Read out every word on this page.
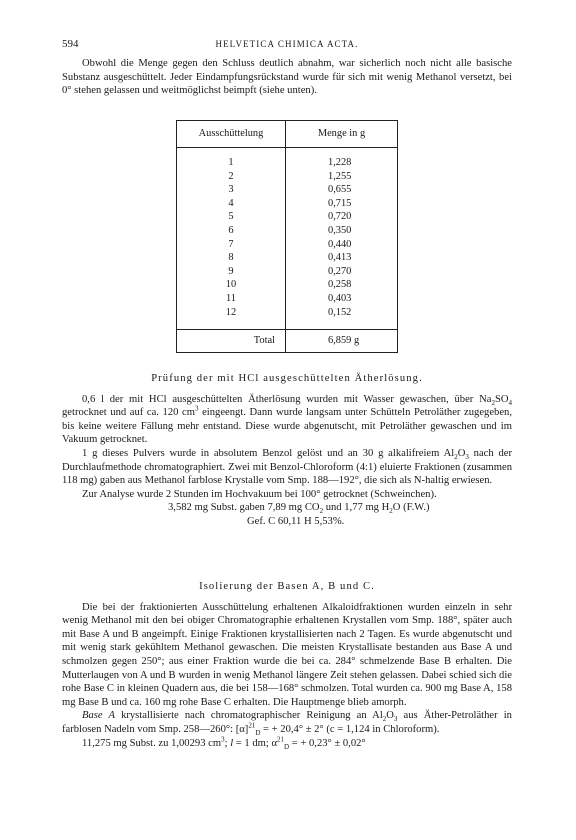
594	HELVETICA CHIMICA ACTA.

Obwohl die Menge gegen den Schluss deutlich abnahm, war sicherlich noch nicht alle basische Substanz ausgeschüttelt. Jeder Eindampfungsrückstand wurde für sich mit wenig Methanol versetzt, bei 0° stehen gelassen und weitmöglichst beimpft (siehe unten).

Ausschüttelung	Menge in g
1	1,228
2	1,255
3	0,655
4	0,715
5	0,720
6	0,350
7	0,440
8	0,413
9	0,270
10	0,258
11	0,403
12	0,152
Total	6,859 g

Prüfung der mit HCl ausgeschüttelten Ätherlösung.

0,6 l der mit HCl ausgeschüttelten Ätherlösung wurden mit Wasser gewaschen, über $Na_2SO_4$ getrocknet und auf ca. 120 $cm^3$ eingeengt. Dann wurde langsam unter Schütteln Petroläther zugegeben, bis keine weitere Fällung mehr entstand. Diese wurde abgenutscht, mit Petroläther gewaschen und im Vakuum getrocknet.

1 g dieses Pulvers wurde in absolutem Benzol gelöst und an 30 g alkalifreiem $Al_2O_3$ nach der Durchlaufmethode chromatographiert. Zwei mit Benzol-Chloroform (4:1) eluierte Fraktionen (zusammen 118 mg) gaben aus Methanol farblose Krystalle vom Smp. 188—192°, die sich als N-haltig erwiesen.

Zur Analyse wurde 2 Stunden im Hochvakuum bei 100° getrocknet (Schweinchen).

3,582 mg Subst. gaben 7,89 mg $CO_2$ und 1,77 mg $H_2O$ (F.W.)

Gef. C 60,11 H 5,53%.

Isolierung der Basen A, B und C.

Die bei der fraktionierten Ausschüttelung erhaltenen Alkaloidfraktionen wurden einzeln in sehr wenig Methanol mit den bei obiger Chromatographie erhaltenen Krystallen vom Smp. 188°, später auch mit Base A und B angeimpft. Einige Fraktionen krystallisierten nach 2 Tagen. Es wurde abgenutscht und mit wenig stark gekühltem Methanol gewaschen. Die meisten Krystallisate bestanden aus Base A und schmolzen gegen 250°; aus einer Fraktion wurde die bei ca. 284° schmelzende Base B erhalten. Die Mutterlaugen von A und B wurden in wenig Methanol längere Zeit stehen gelassen. Dabei schied sich die rohe Base C in kleinen Quadern aus, die bei 158—168° schmolzen. Total wurden ca. 900 mg Base A, 158 mg Base B und ca. 160 mg rohe Base C erhalten. Die Hauptmenge blieb amorph.

Base A krystallisierte nach chromatographischer Reinigung an $Al_2O_3$ aus Äther-Petroläther in farblosen Nadeln vom Smp. 258—260°: $[\alpha]^{21}_D$ = + 20,4° ± 2° (c = 1,124 in Chloroform).

11,275 mg Subst. zu 1,00293 $cm^3$; l = 1 dm; $\alpha^{21}_D$ = + 0,23° ± 0,02°
